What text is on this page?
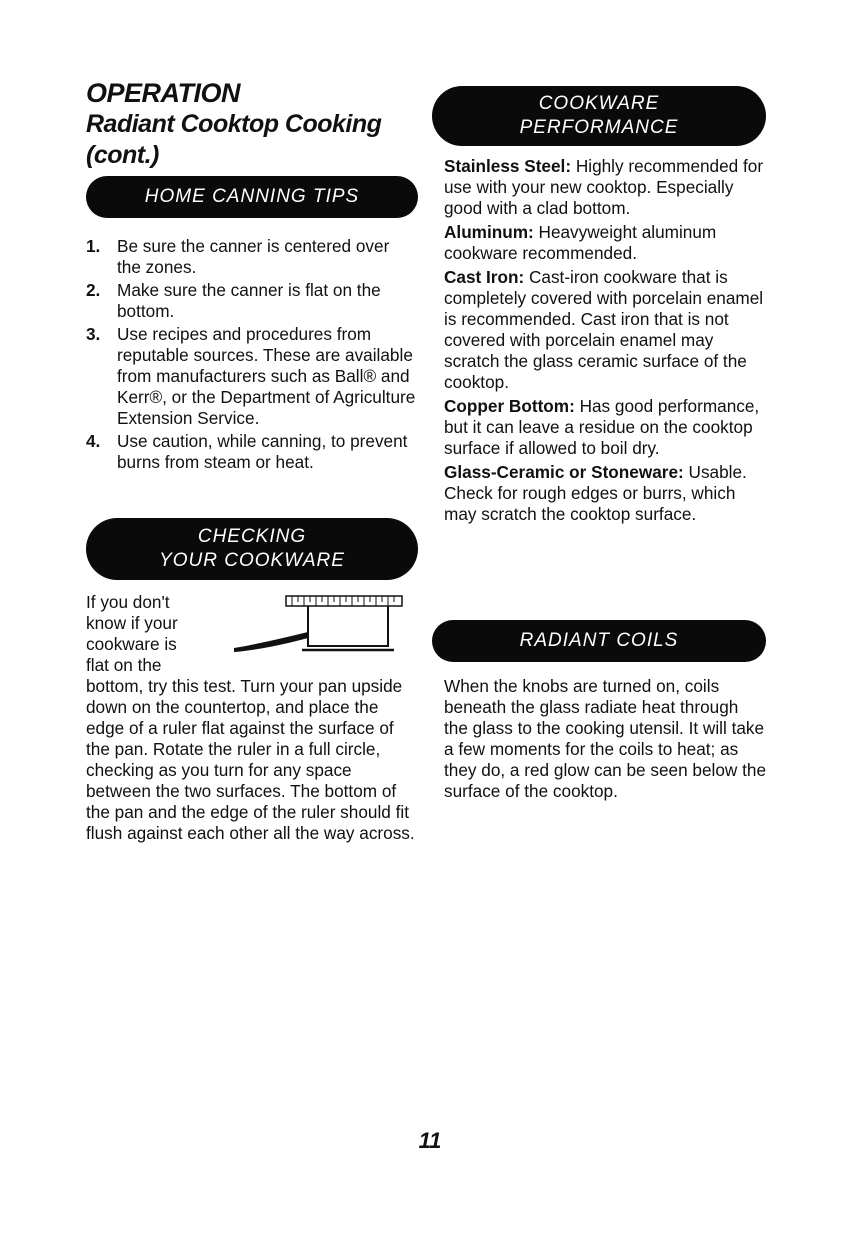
OPERATION
Radiant Cooktop Cooking
(cont.)
HOME CANNING TIPS
1. Be sure the canner is centered over the zones.
2. Make sure the canner is flat on the bottom.
3. Use recipes and procedures from reputable sources. These are available from manufacturers such as Ball® and Kerr®, or the Department of Agriculture Extension Service.
4. Use caution, while canning, to prevent burns from steam or heat.
CHECKING
YOUR COOKWARE
If you don't
know if your
cookware is
flat on the
bottom, try this test. Turn your pan upside down on the countertop, and place the edge of a ruler flat against the surface of the pan. Rotate the ruler in a full circle, checking as you turn for any space between the two surfaces. The bottom of the pan and the edge of the ruler should fit flush against each other all the way across.
COOKWARE
PERFORMANCE

Stainless Steel: Highly recommended for use with your new cooktop. Especially good with a clad bottom.

Aluminum: Heavyweight aluminum cookware recommended.

Cast Iron: Cast-iron cookware that is completely covered with porcelain enamel is recommended. Cast iron that is not covered with porcelain enamel may scratch the glass ceramic surface of the cooktop.

Copper Bottom: Has good performance, but it can leave a residue on the cooktop surface if allowed to boil dry.

Glass-Ceramic or Stoneware: Usable. Check for rough edges or burrs, which may scratch the cooktop surface.

RADIANT COILS
When the knobs are turned on, coils beneath the glass radiate heat through the glass to the cooking utensil. It will take a few moments for the coils to heat; as they do, a red glow can be seen below the surface of the cooktop.
11
